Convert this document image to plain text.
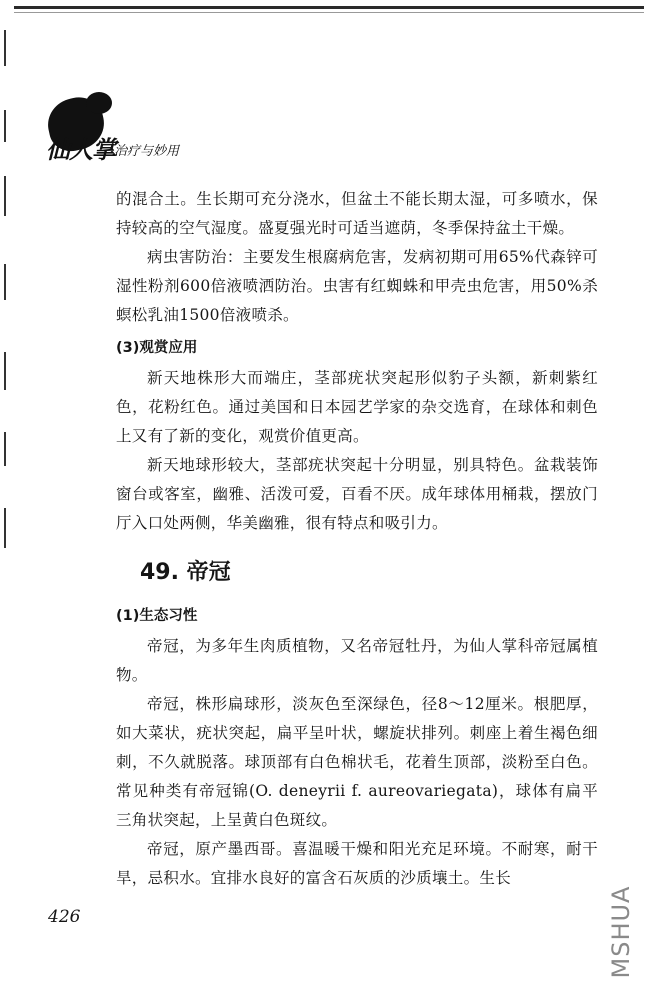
仙人掌 治疗与妙用

的混合土。生长期可充分浇水，但盆土不能长期太湿，可多喷水，保持较高的空气湿度。盛夏强光时可适当遮荫，冬季保持盆土干燥。

病虫害防治：主要发生根腐病危害，发病初期可用65%代森锌可湿性粉剂600倍液喷洒防治。虫害有红蜘蛛和甲壳虫危害，用50%杀螟松乳油1500倍液喷杀。

(3)观赏应用

新天地株形大而端庄，茎部疣状突起形似豹子头额，新刺紫红色，花粉红色。通过美国和日本园艺学家的杂交选育，在球体和刺色上又有了新的变化，观赏价值更高。

新天地球形较大，茎部疣状突起十分明显，别具特色。盆栽装饰窗台或客室，幽雅、活泼可爱，百看不厌。成年球体用桶栽，摆放门厅入口处两侧，华美幽雅，很有特点和吸引力。

49. 帝冠
(1)生态习性

帝冠，为多年生肉质植物，又名帝冠牡丹，为仙人掌科帝冠属植物。

帝冠，株形扁球形，淡灰色至深绿色，径8～12厘米。根肥厚，如大菜状，疣状突起，扁平呈叶状，螺旋状排列。刺座上着生褐色细刺，不久就脱落。球顶部有白色棉状毛，花着生顶部，淡粉至白色。常见种类有帝冠锦(O. deneyrii f. aureovariegata)，球体有扁平三角状突起，上呈黄白色斑纹。

帝冠，原产墨西哥。喜温暖干燥和阳光充足环境。不耐寒，耐干旱，忌积水。宜排水良好的富含石灰质的沙质壤土。生长

426	MSHUA
